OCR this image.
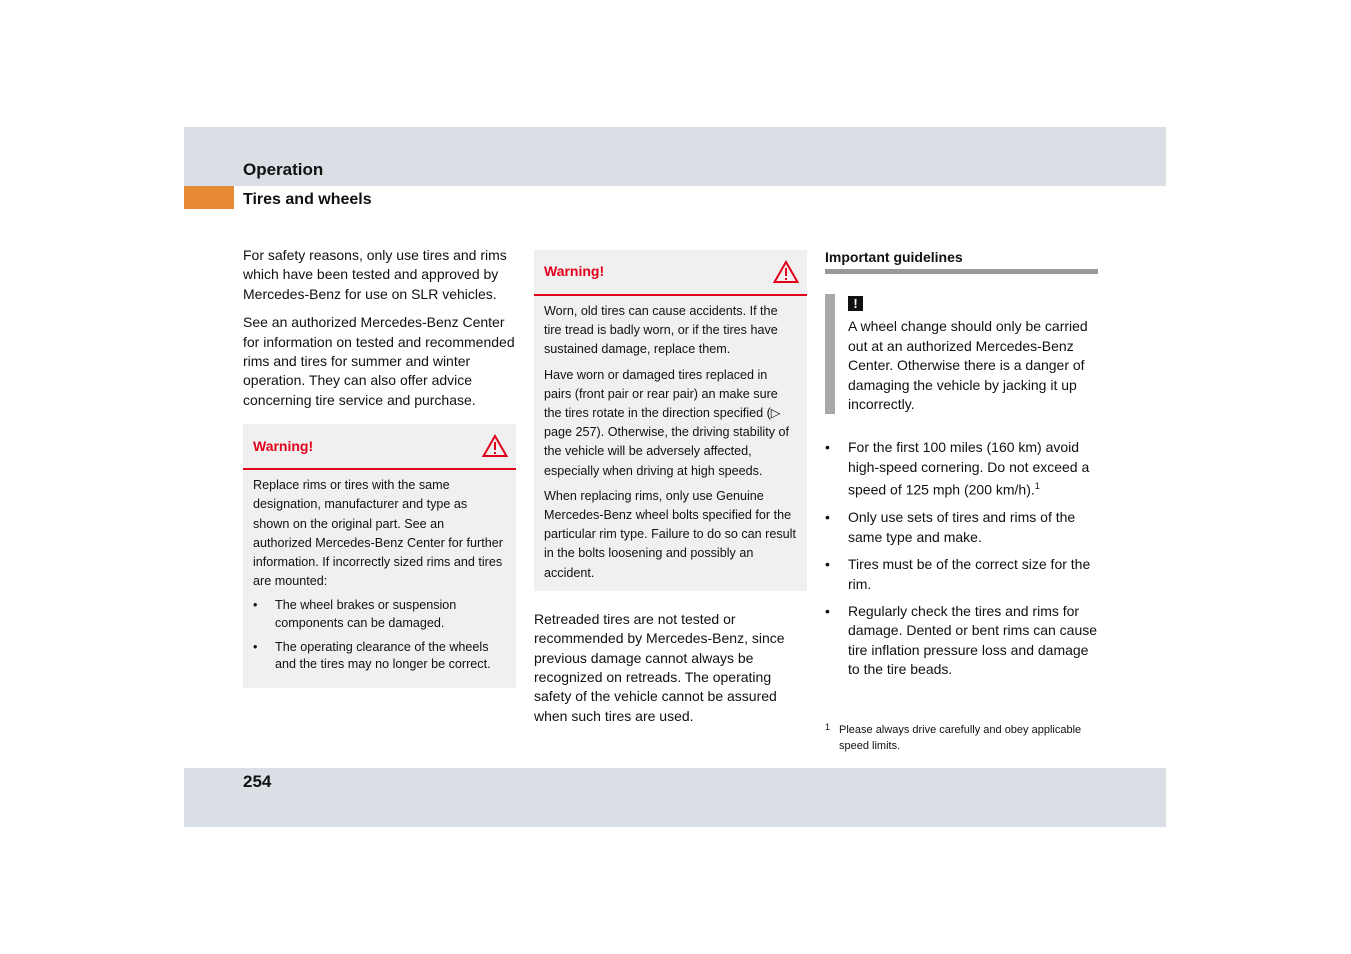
Operation
Tires and wheels

For safety reasons, only use tires and rims which have been tested and approved by Mercedes-Benz for use on SLR vehicles.

See an authorized Mercedes-Benz Center for information on tested and recommended rims and tires for summer and winter operation. They can also offer advice concerning tire service and purchase.

Warning!

Replace rims or tires with the same designation, manufacturer and type as shown on the original part. See an authorized Mercedes-Benz Center for further information. If incorrectly sized rims and tires are mounted:

• The wheel brakes or suspension components can be damaged.
• The operating clearance of the wheels and the tires may no longer be correct.
Warning!

Worn, old tires can cause accidents. If the tire tread is badly worn, or if the tires have sustained damage, replace them.

Have worn or damaged tires replaced in pairs (front pair or rear pair) an make sure the tires rotate in the direction specified (▷ page 257). Otherwise, the driving stability of the vehicle will be adversely affected, especially when driving at high speeds.

When replacing rims, only use Genuine Mercedes-Benz wheel bolts specified for the particular rim type. Failure to do so can result in the bolts loosening and possibly an accident.

Retreaded tires are not tested or recommended by Mercedes-Benz, since previous damage cannot always be recognized on retreads. The operating safety of the vehicle cannot be assured when such tires are used.

Important guidelines
!
A wheel change should only be carried out at an authorized Mercedes-Benz Center. Otherwise there is a danger of damaging the vehicle by jacking it up incorrectly.
• For the first 100 miles (160 km) avoid high-speed cornering. Do not exceed a speed of 125 mph (200 km/h).$^1$
• Only use sets of tires and rims of the same type and make.
• Tires must be of the correct size for the rim.
• Regularly check the tires and rims for damage. Dented or bent rims can cause tire inflation pressure loss and damage to the tire beads.
1 Please always drive carefully and obey applicable speed limits.
254
